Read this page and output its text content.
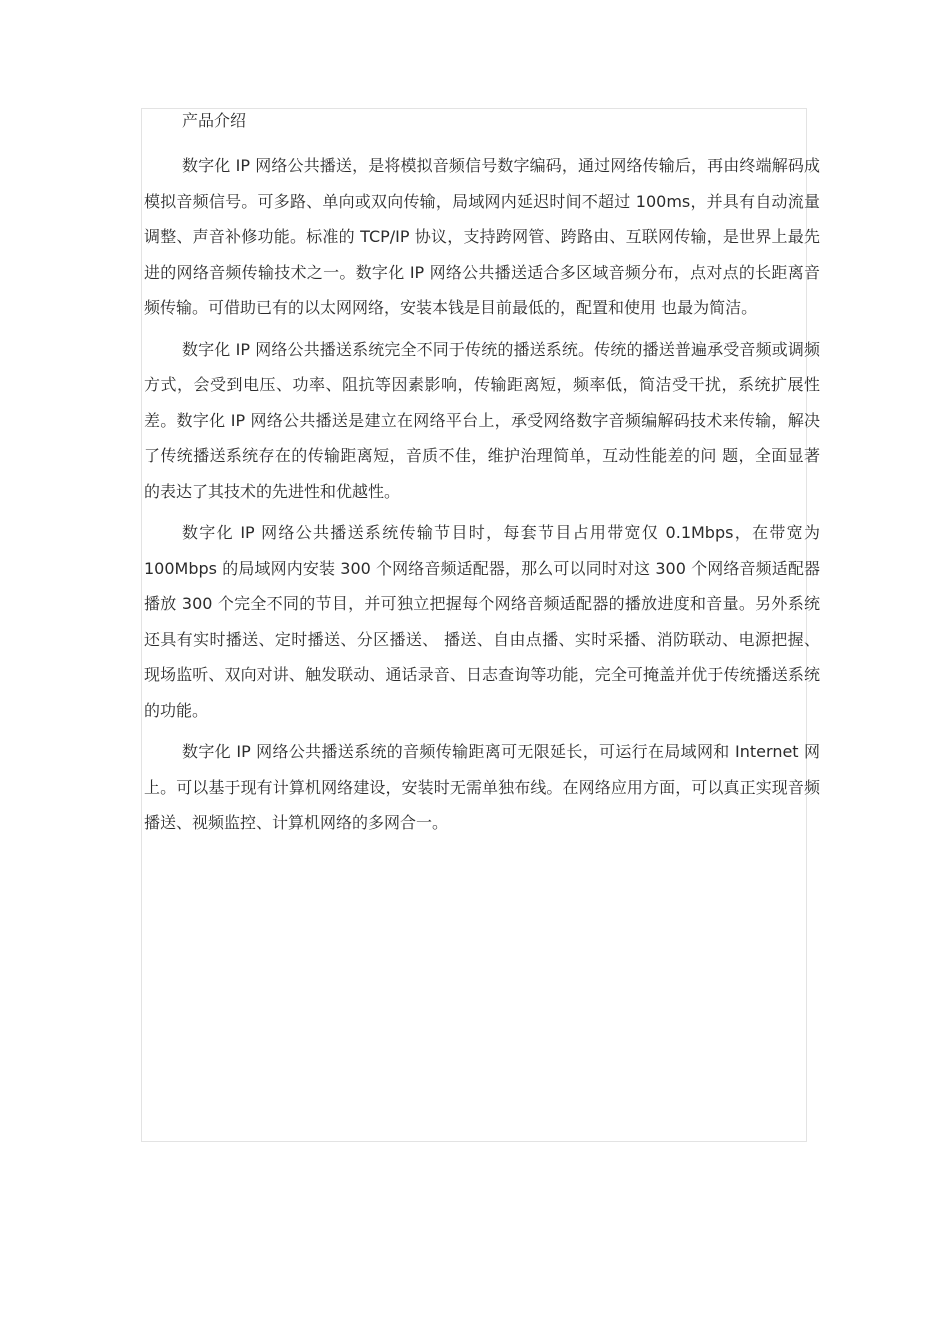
产品介绍

数字化 IP 网络公共播送，是将模拟音频信号数字编码，通过网络传输后，再由终端解码成模拟音频信号。可多路、单向或双向传输，局域网内延迟时间不超过 100ms，并具有自动流量调整、声音补修功能。标准的 TCP/IP 协议，支持跨网管、跨路由、互联网传输，是世界上最先进的网络音频传输技术之一。数字化 IP 网络公共播送适合多区域音频分布，点对点的长距离音频传输。可借助已有的以太网网络，安装本钱是目前最低的，配置和使用 也最为简洁。

数字化 IP 网络公共播送系统完全不同于传统的播送系统。传统的播送普遍承受音频或调频方式，会受到电压、功率、阻抗等因素影响，传输距离短，频率低，简洁受干扰，系统扩展性差。数字化 IP 网络公共播送是建立在网络平台上，承受网络数字音频编解码技术来传输，解决了传统播送系统存在的传输距离短，音质不佳，维护治理简单，互动性能差的问 题，全面显著的表达了其技术的先进性和优越性。

数字化 IP 网络公共播送系统传输节目时，每套节目占用带宽仅 0.1Mbps，在带宽为 100Mbps 的局域网内安装 300 个网络音频适配器，那么可以同时对这 300 个网络音频适配器播放 300 个完全不同的节目，并可独立把握每个网络音频适配器的播放进度和音量。另外系统还具有实时播送、定时播送、分区播送、 播送、自由点播、实时采播、消防联动、电源把握、现场监听、双向对讲、触发联动、通话录音、日志查询等功能，完全可掩盖并优于传统播送系统的功能。

数字化 IP 网络公共播送系统的音频传输距离可无限延长，可运行在局域网和 Internet 网上。可以基于现有计算机网络建设，安装时无需单独布线。在网络应用方面，可以真正实现音频播送、视频监控、计算机网络的多网合一。
